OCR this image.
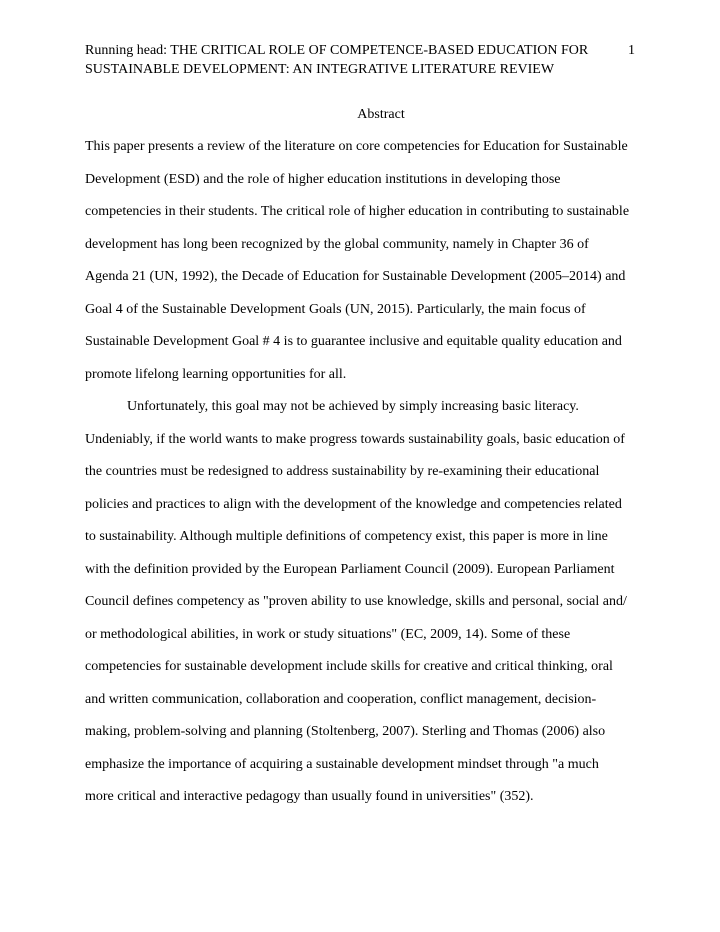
Running head: THE CRITICAL ROLE OF COMPETENCE-BASED EDUCATION FOR
SUSTAINABLE DEVELOPMENT: AN INTEGRATIVE LITERATURE REVIEW
1
Abstract
This paper presents a review of the literature on core competencies for Education for Sustainable
Development (ESD) and the role of higher education institutions in developing those
competencies in their students. The critical role of higher education in contributing to sustainable
development has long been recognized by the global community, namely in Chapter 36 of
Agenda 21 (UN, 1992), the Decade of Education for Sustainable Development (2005–2014) and
Goal 4 of the Sustainable Development Goals (UN, 2015). Particularly, the main focus of
Sustainable Development Goal # 4 is to guarantee inclusive and equitable quality education and
promote lifelong learning opportunities for all.
Unfortunately, this goal may not be achieved by simply increasing basic literacy.
Undeniably, if the world wants to make progress towards sustainability goals, basic education of
the countries must be redesigned to address sustainability by re-examining their educational
policies and practices to align with the development of the knowledge and competencies related
to sustainability. Although multiple definitions of competency exist, this paper is more in line
with the definition provided by the European Parliament Council (2009). European Parliament
Council defines competency as "proven ability to use knowledge, skills and personal, social and/
or methodological abilities, in work or study situations" (EC, 2009, 14). Some of these
competencies for sustainable development include skills for creative and critical thinking, oral
and written communication, collaboration and cooperation, conflict management, decision-
making, problem-solving and planning (Stoltenberg, 2007). Sterling and Thomas (2006) also
emphasize the importance of acquiring a sustainable development mindset through "a much
more critical and interactive pedagogy than usually found in universities" (352).
